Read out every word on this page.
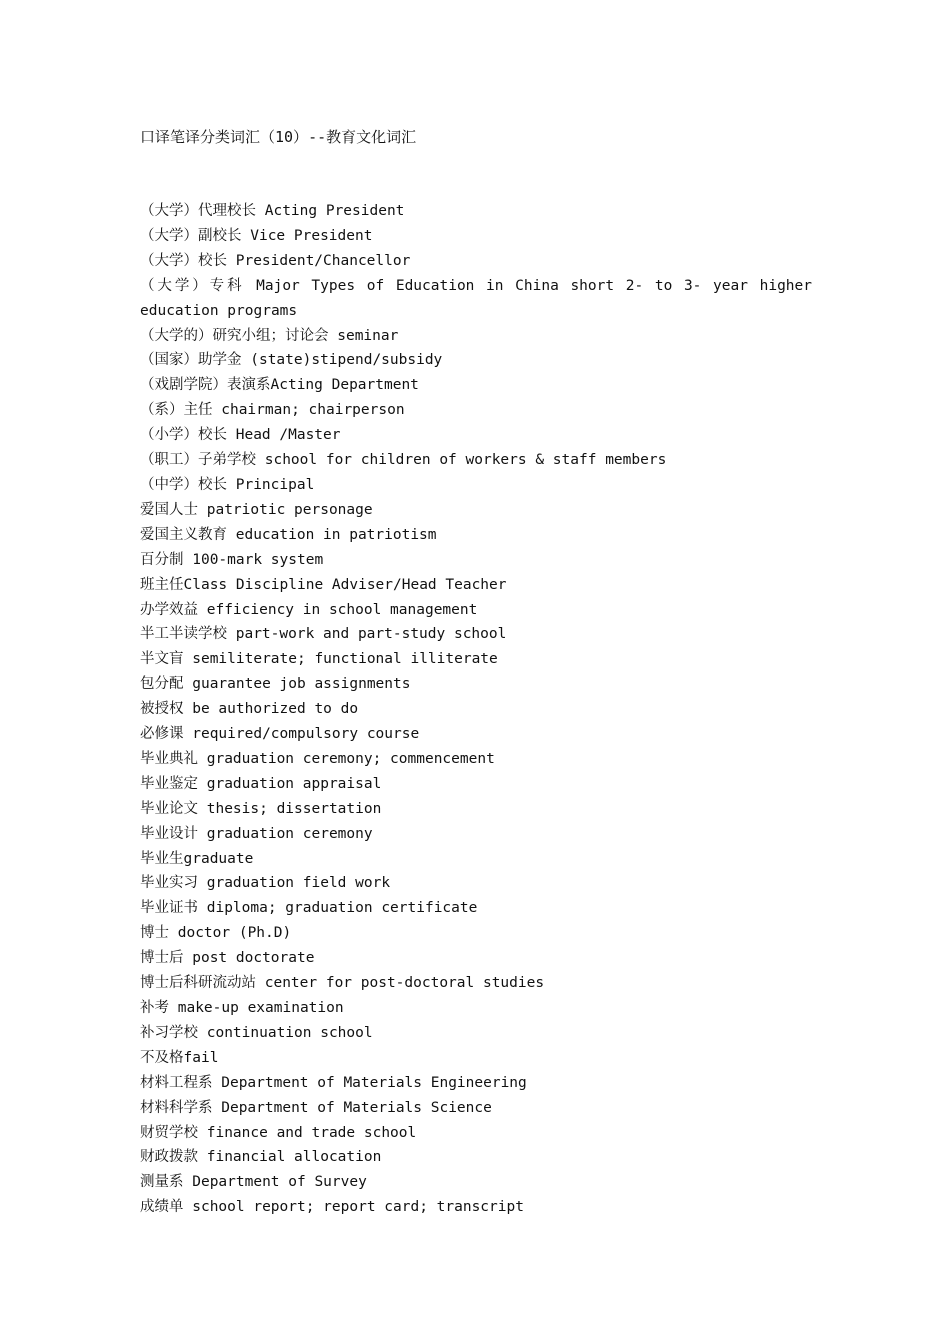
口译笔译分类词汇（10）--教育文化词汇
（大学）代理校长 Acting President
（大学）副校长 Vice President
（大学）校长 President/Chancellor
（大学）专科 Major Types of Education in China short 2- to 3- year higher education programs
（大学的）研究小组；讨论会 seminar
（国家）助学金 (state)stipend/subsidy
（戏剧学院）表演系Acting Department
（系）主任 chairman; chairperson
（小学）校长 Head /Master
（职工）子弟学校 school for children of workers & staff members
（中学）校长 Principal
爱国人士 patriotic personage
爱国主义教育 education in patriotism
百分制 100-mark system
班主任Class Discipline Adviser/Head Teacher
办学效益 efficiency in school management
半工半读学校 part-work and part-study school
半文盲 semiliterate; functional illiterate
包分配 guarantee job assignments
被授权 be authorized to do
必修课 required/compulsory course
毕业典礼 graduation ceremony; commencement
毕业鉴定 graduation appraisal
毕业论文 thesis; dissertation
毕业设计 graduation ceremony
毕业生graduate
毕业实习 graduation field work
毕业证书 diploma; graduation certificate
博士 doctor (Ph.D)
博士后 post doctorate
博士后科研流动站 center for post-doctoral studies
补考 make-up examination
补习学校 continuation school
不及格fail
材料工程系 Department of Materials Engineering
材料科学系 Department of Materials Science
财贸学校 finance and trade school
财政拨款 financial allocation
测量系 Department of Survey
成绩单 school report; report card; transcript
